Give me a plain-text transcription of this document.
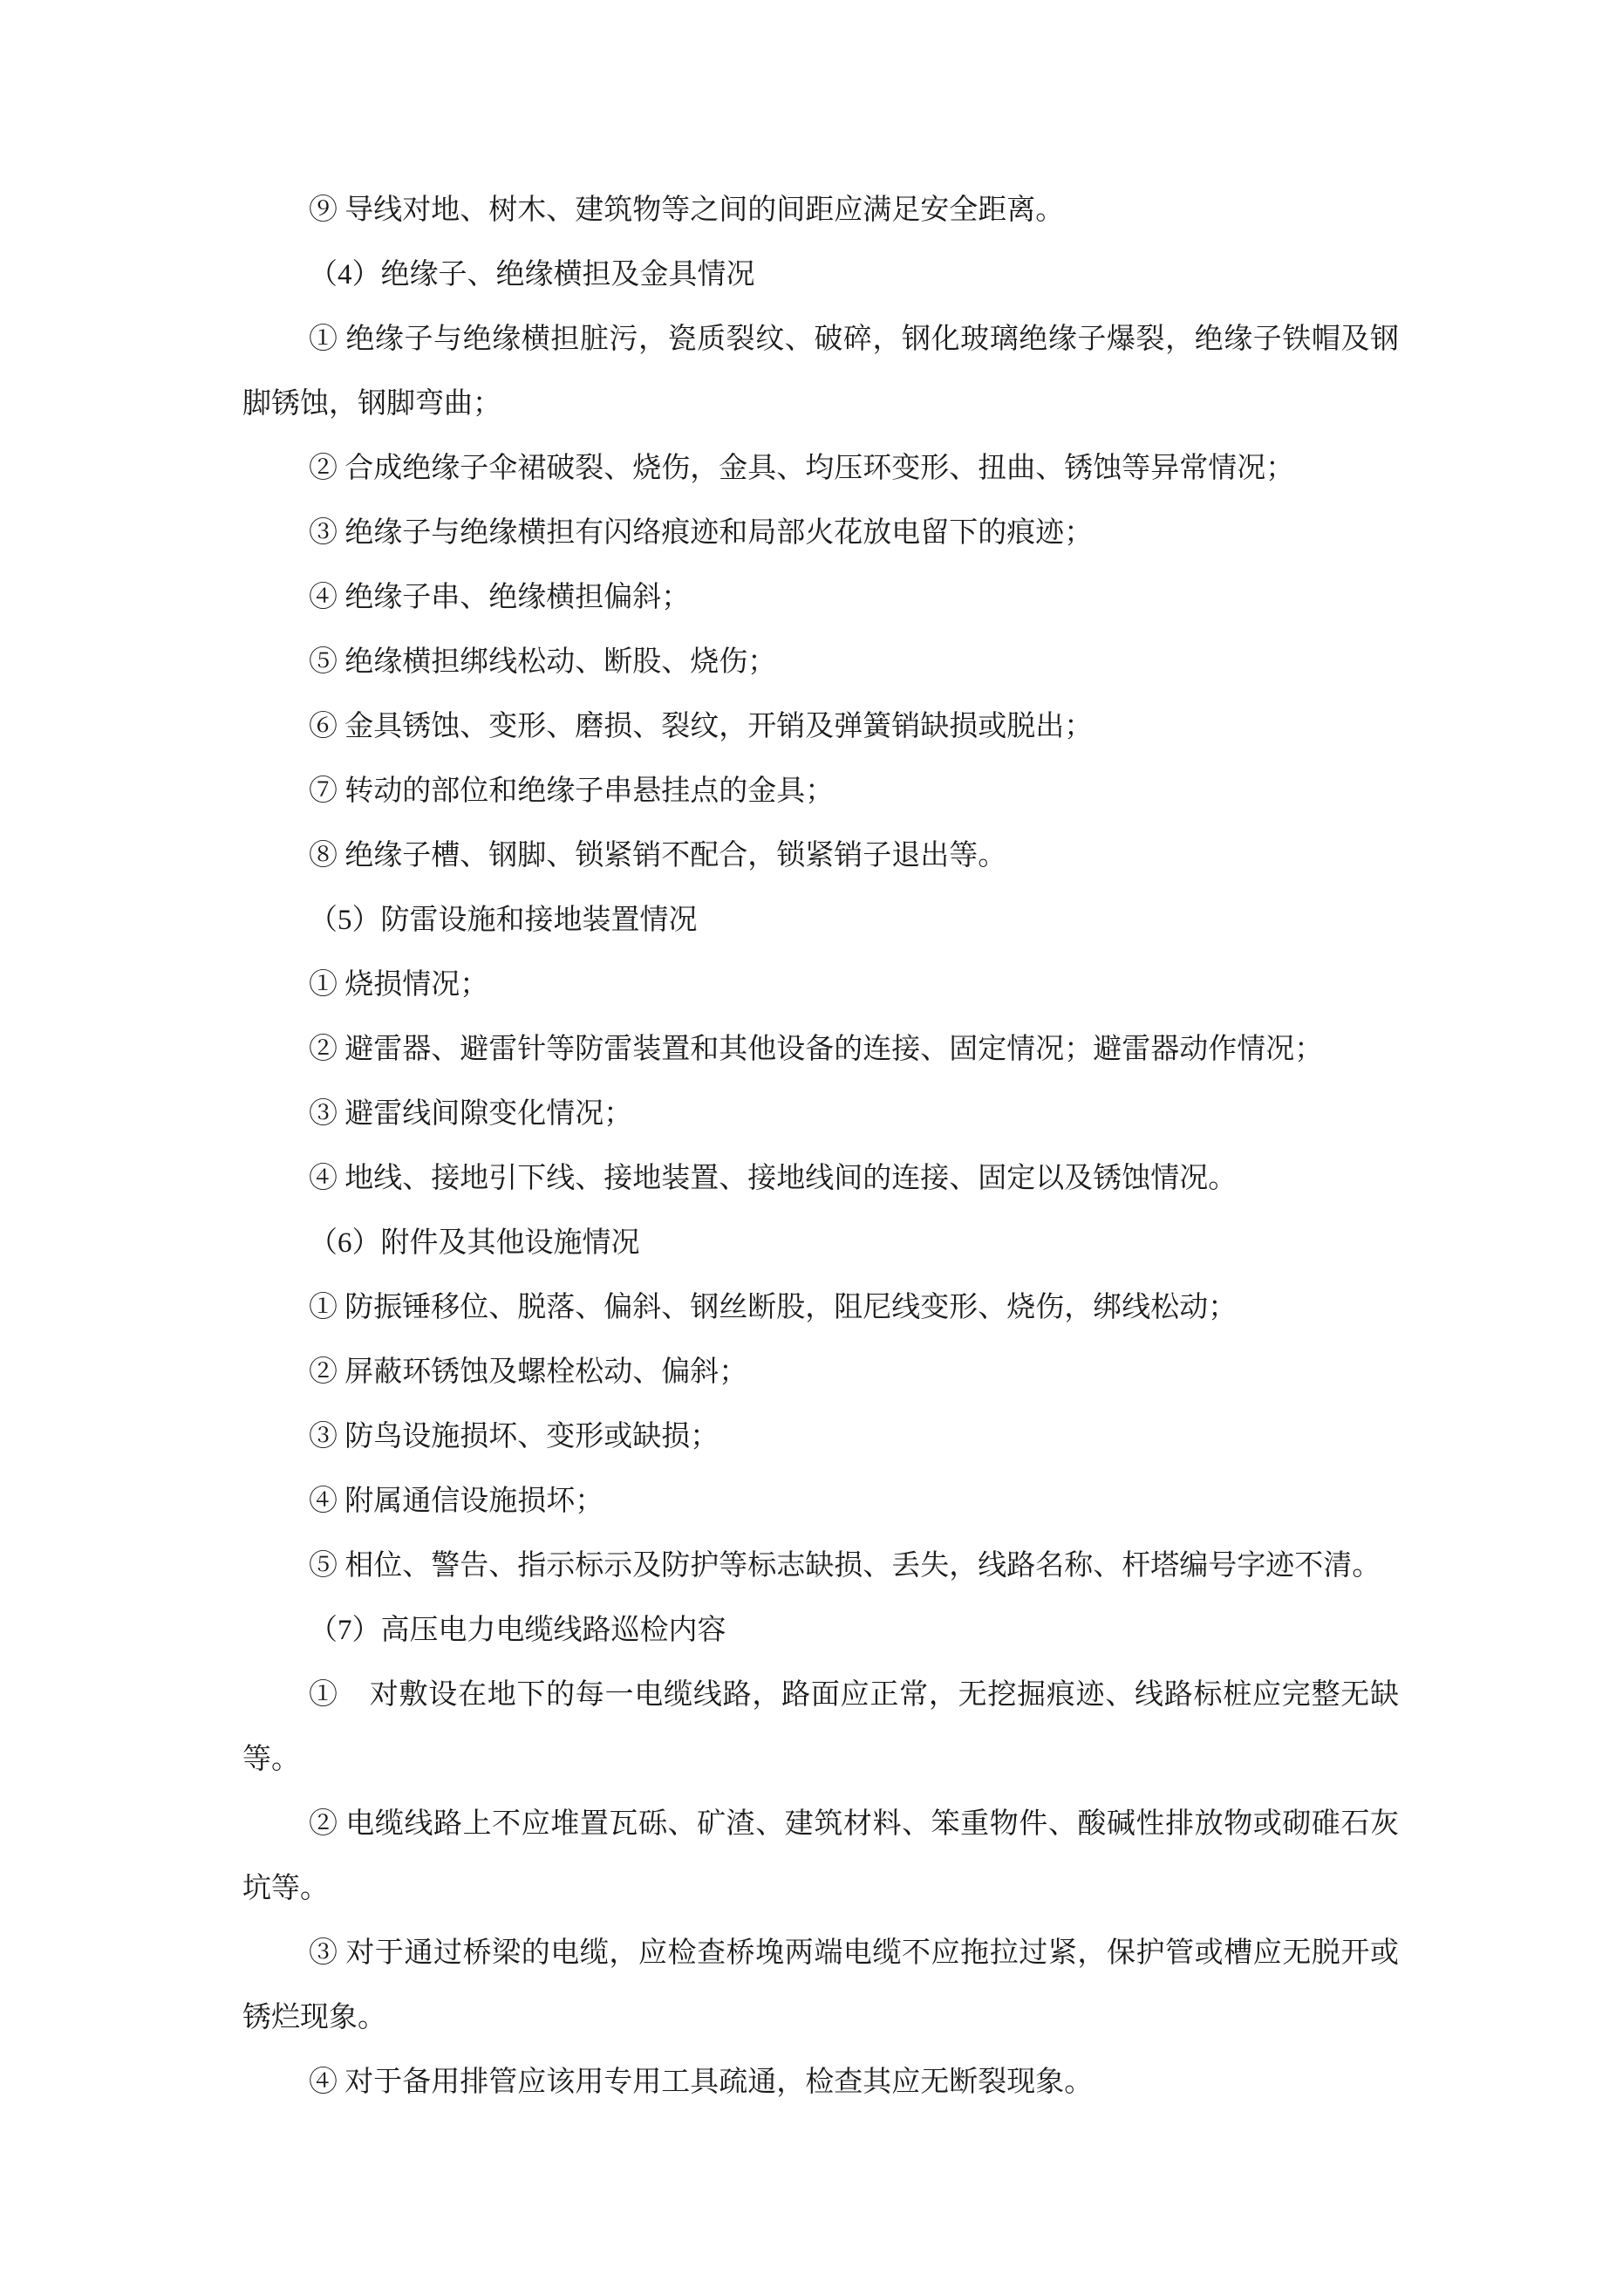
⑨ 导线对地、树木、建筑物等之间的间距应满足安全距离。
（4）绝缘子、绝缘横担及金具情况
① 绝缘子与绝缘横担脏污，瓷质裂纹、破碎，钢化玻璃绝缘子爆裂，绝缘子铁帽及钢
脚锈蚀，钢脚弯曲；
② 合成绝缘子伞裙破裂、烧伤，金具、均压环变形、扭曲、锈蚀等异常情况；
③ 绝缘子与绝缘横担有闪络痕迹和局部火花放电留下的痕迹；
④ 绝缘子串、绝缘横担偏斜；
⑤ 绝缘横担绑线松动、断股、烧伤；
⑥ 金具锈蚀、变形、磨损、裂纹，开销及弹簧销缺损或脱出；
⑦ 转动的部位和绝缘子串悬挂点的金具；
⑧ 绝缘子槽、钢脚、锁紧销不配合，锁紧销子退出等。
（5）防雷设施和接地装置情况
① 烧损情况；
② 避雷器、避雷针等防雷装置和其他设备的连接、固定情况；避雷器动作情况；
③ 避雷线间隙变化情况；
④ 地线、接地引下线、接地装置、接地线间的连接、固定以及锈蚀情况。
（6）附件及其他设施情况
① 防振锤移位、脱落、偏斜、钢丝断股，阻尼线变形、烧伤，绑线松动；
② 屏蔽环锈蚀及螺栓松动、偏斜；
③ 防鸟设施损坏、变形或缺损；
④ 附属通信设施损坏；
⑤ 相位、警告、指示标示及防护等标志缺损、丢失，线路名称、杆塔编号字迹不清。
（7）高压电力电缆线路巡检内容
①    对敷设在地下的每一电缆线路，路面应正常，无挖掘痕迹、线路标桩应完整无缺
等。
② 电缆线路上不应堆置瓦砾、矿渣、建筑材料、笨重物件、酸碱性排放物或砌碓石灰
坑等。
③ 对于通过桥梁的电缆，应检查桥堍两端电缆不应拖拉过紧，保护管或槽应无脱开或
锈烂现象。
④ 对于备用排管应该用专用工具疏通，检查其应无断裂现象。
